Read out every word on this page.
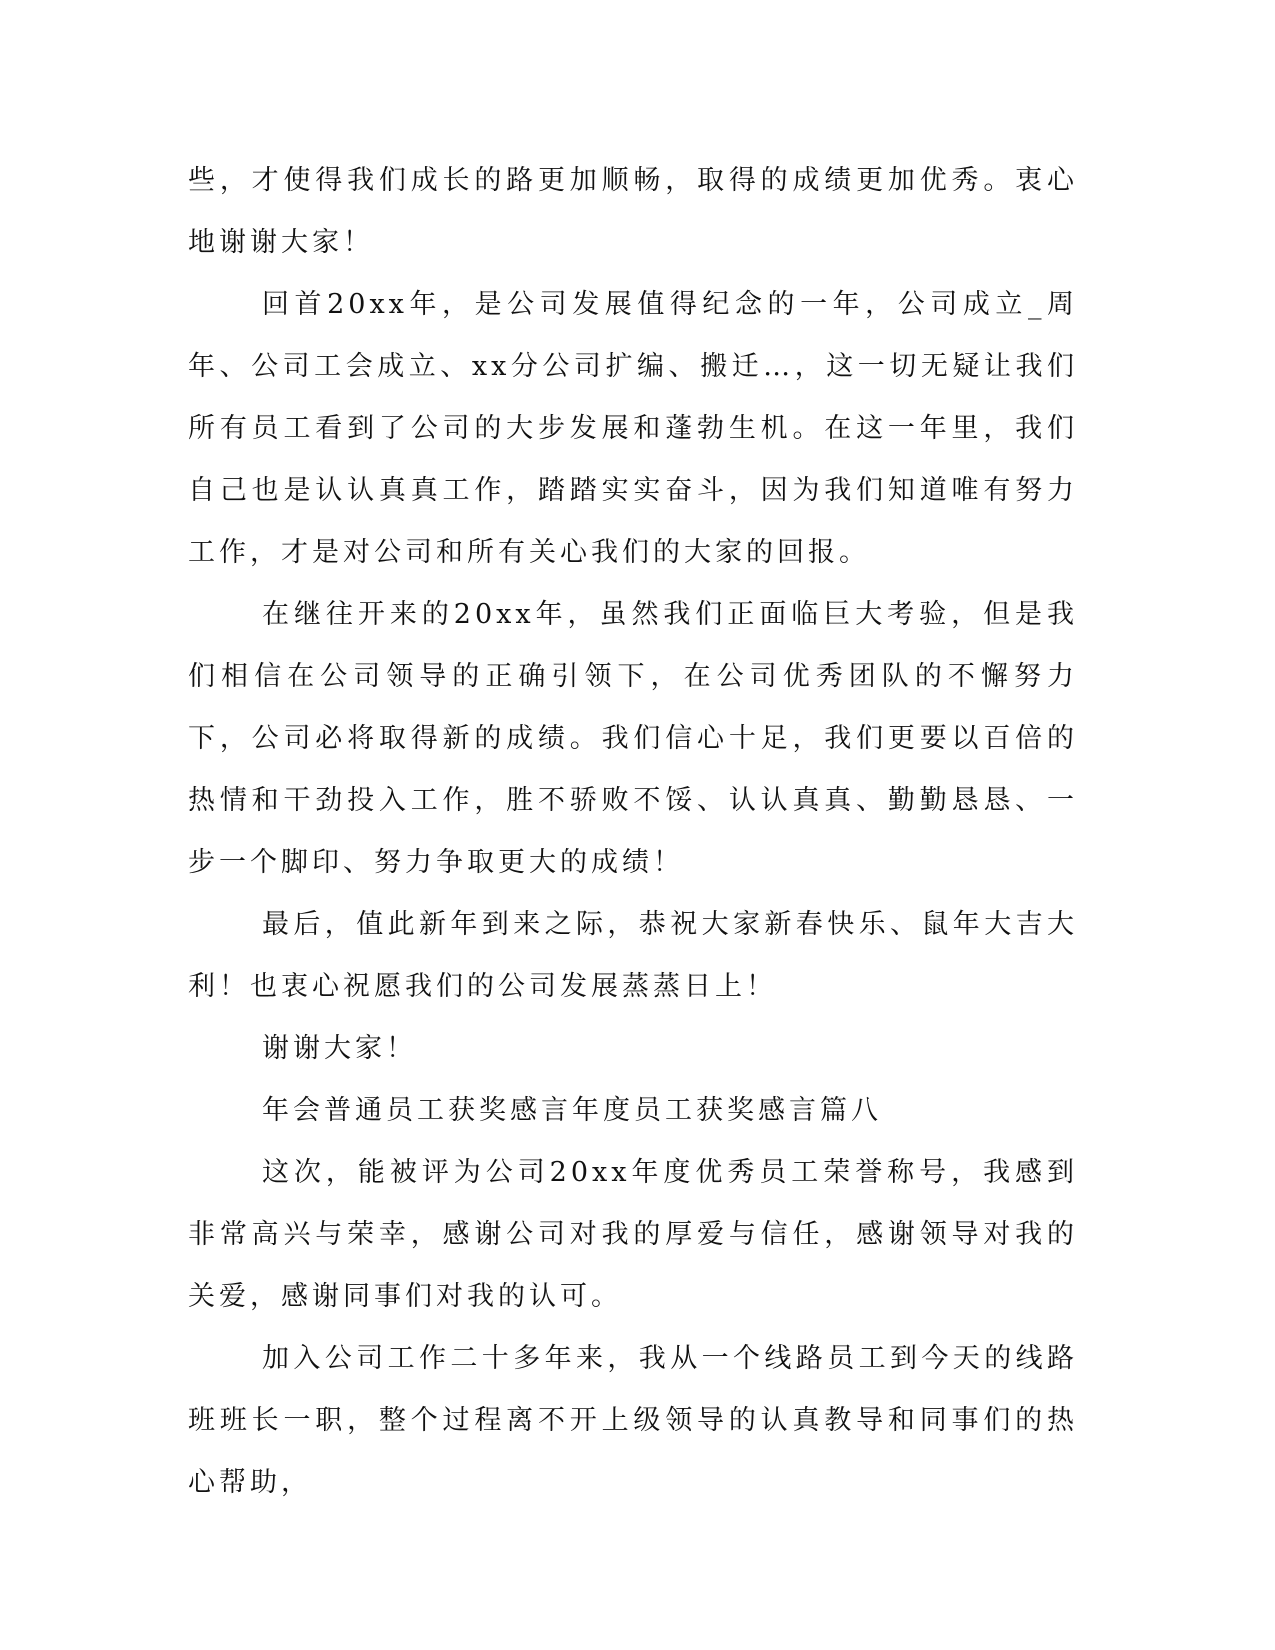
些，才使得我们成长的路更加顺畅，取得的成绩更加优秀。衷心地谢谢大家！

回首20xx年，是公司发展值得纪念的一年，公司成立_周年、公司工会成立、xx分公司扩编、搬迁…，这一切无疑让我们所有员工看到了公司的大步发展和蓬勃生机。在这一年里，我们自己也是认认真真工作，踏踏实实奋斗，因为我们知道唯有努力工作，才是对公司和所有关心我们的大家的回报。

在继往开来的20xx年，虽然我们正面临巨大考验，但是我们相信在公司领导的正确引领下，在公司优秀团队的不懈努力下，公司必将取得新的成绩。我们信心十足，我们更要以百倍的热情和干劲投入工作，胜不骄败不馁、认认真真、勤勤恳恳、一步一个脚印、努力争取更大的成绩！

最后，值此新年到来之际，恭祝大家新春快乐、鼠年大吉大利！也衷心祝愿我们的公司发展蒸蒸日上！

谢谢大家！

年会普通员工获奖感言年度员工获奖感言篇八

这次，能被评为公司20xx年度优秀员工荣誉称号，我感到非常高兴与荣幸，感谢公司对我的厚爱与信任，感谢领导对我的关爱，感谢同事们对我的认可。

加入公司工作二十多年来，我从一个线路员工到今天的线路班班长一职，整个过程离不开上级领导的认真教导和同事们的热心帮助，
